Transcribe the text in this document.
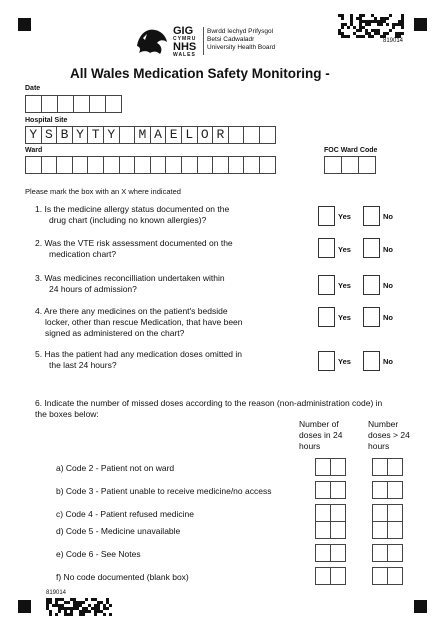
GIG
CYMRU
NHS
WALES
Bwrdd Iechyd Prifysgol
Betsi Cadwaladr
University Health Board
819014
All Wales Medication Safety Monitoring -
Date
Hospital Site
Y S B Y T Y	M A E L O R
Ward	FOC Ward Code
Please mark the box with an X where indicated
1. Is the medicine allergy status documented on the
drug chart (including no known allergies)?	Yes	No
2. Was the VTE risk assessment documented on the
medication chart?	Yes	No
3. Was medicines reconcilliation undertaken within
24 hours of admission?	Yes	No
4. Are there any medicines on the patient's bedside
locker, other than rescue Medication, that have been
signed as administered on the chart?
Yes	No
5. Has the patient had any medication doses omitted in
the last 24 hours?	Yes	No
6. Indicate the number of missed doses according to the reason (non-administration code) in
the boxes below:
Number of
doses in 24
hours
Number
doses > 24
hours
a) Code 2 - Patient not on ward
b) Code 3 - Patient unable to receive medicine/no access
c) Code 4 - Patient refused medicine
d) Code 5 - Medicine unavailable
e) Code 6 - See Notes
f) No code documented (blank box)
819014
